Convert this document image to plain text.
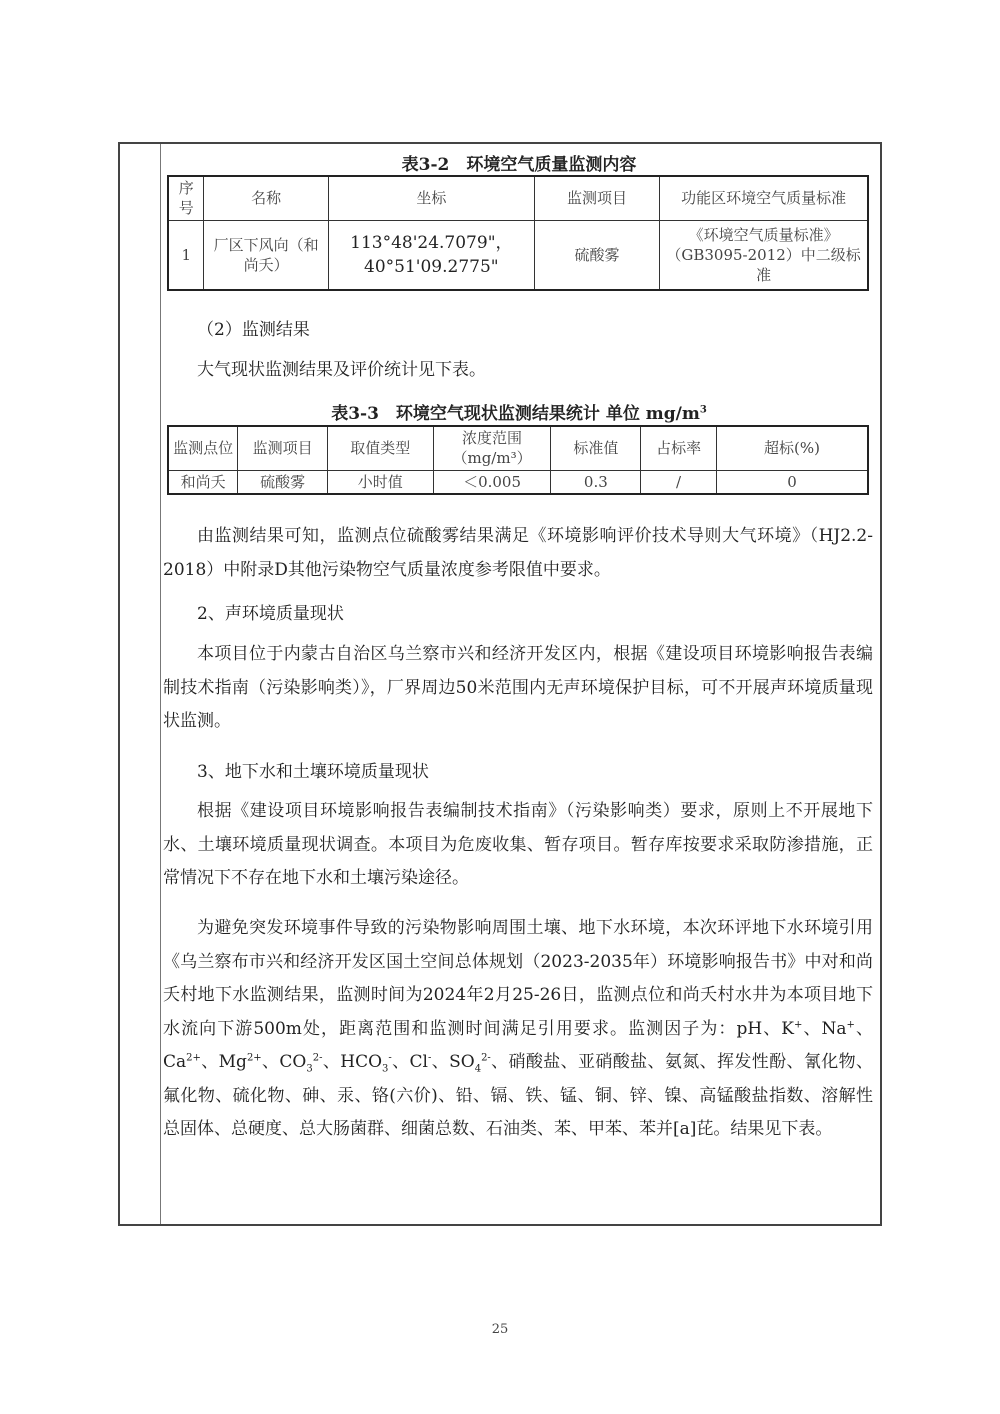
表3-2　环境空气质量监测内容
序号	名称	坐标	监测项目	功能区环境空气质量标准
1	厂区下风向（和尚夭）	113°48'24.7079"，40°51'09.2775"	硫酸雾	《环境空气质量标准》（GB3095-2012）中二级标准
（2）监测结果
大气现状监测结果及评价统计见下表。
表3-3　环境空气现状监测结果统计 单位 $mg/m^3$
监测点位	监测项目	取值类型	浓度范围（mg/m³）	标准值	占标率	超标(%)
和尚夭	硫酸雾	小时值	＜0.005	0.3	/	0
由监测结果可知，监测点位硫酸雾结果满足《环境影响评价技术导则大气环境》（HJ2.2-2018）中附录D其他污染物空气质量浓度参考限值中要求。
2、声环境质量现状
本项目位于内蒙古自治区乌兰察市兴和经济开发区内，根据《建设项目环境影响报告表编制技术指南（污染影响类）》，厂界周边50米范围内无声环境保护目标，可不开展声环境质量现状监测。
3、地下水和土壤环境质量现状
根据《建设项目环境影响报告表编制技术指南》（污染影响类）要求，原则上不开展地下水、土壤环境质量现状调查。本项目为危废收集、暂存项目。暂存库按要求采取防渗措施，正常情况下不存在地下水和土壤污染途径。
为避免突发环境事件导致的污染物影响周围土壤、地下水环境，本次环评地下水环境引用《乌兰察布市兴和经济开发区国土空间总体规划（2023-2035年）环境影响报告书》中对和尚夭村地下水监测结果，监测时间为2024年2月25-26日，监测点位和尚夭村水井为本项目地下水流向下游500m处，距离范围和监测时间满足引用要求。监测因子为：pH、K+、Na+、$Ca^{2+}$、$Mg^{2+}$、$CO_3^{2-}$、$HCO_3^-$、Cl-、$SO_4^{2-}$、硝酸盐、亚硝酸盐、氨氮、挥发性酚、氰化物、氟化物、硫化物、砷、汞、铬(六价)、铅、镉、铁、锰、铜、锌、镍、高锰酸盐指数、溶解性总固体、总硬度、总大肠菌群、细菌总数、石油类、苯、甲苯、苯并[a]芘。结果见下表。
25
